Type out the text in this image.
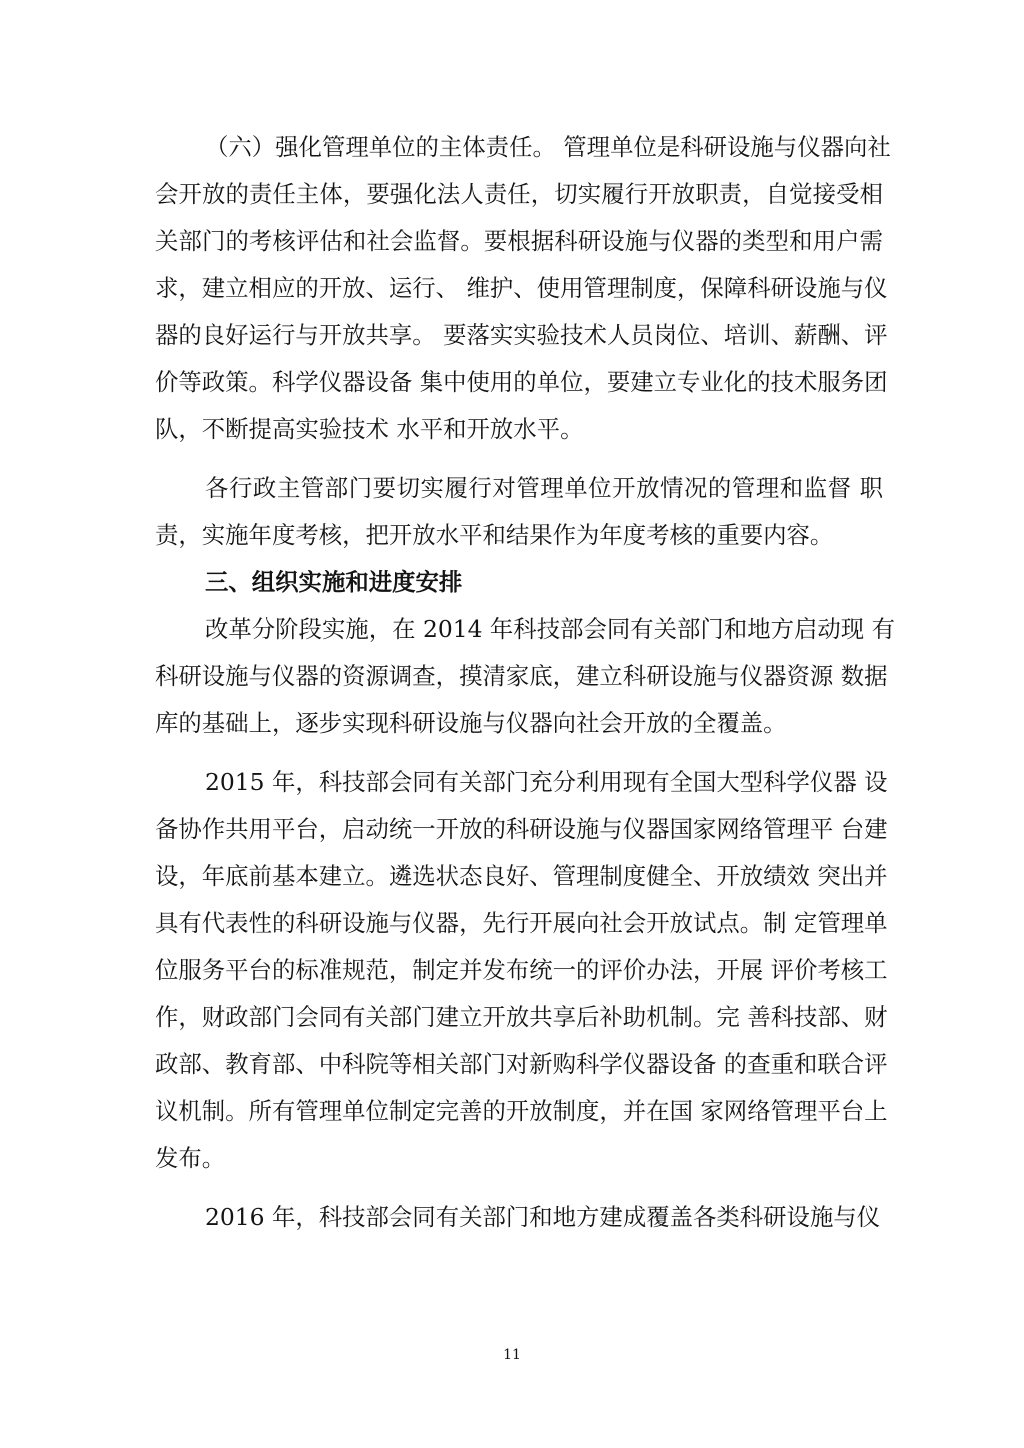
（六）强化管理单位的主体责任。 管理单位是科研设施与仪器向社
会开放的责任主体，要强化法人责任，切实履行开放职责，自觉接受相
关部门的考核评估和社会监督。要根据科研设施与仪器的类型和用户需
求，建立相应的开放、运行、 维护、使用管理制度，保障科研设施与仪
器的良好运行与开放共享。 要落实实验技术人员岗位、培训、薪酬、评
价等政策。科学仪器设备 集中使用的单位，要建立专业化的技术服务团
队，不断提高实验技术 水平和开放水平。
各行政主管部门要切实履行对管理单位开放情况的管理和监督 职
责，实施年度考核，把开放水平和结果作为年度考核的重要内容。
三、组织实施和进度安排
改革分阶段实施，在 2014 年科技部会同有关部门和地方启动现 有
科研设施与仪器的资源调查，摸清家底，建立科研设施与仪器资源 数据
库的基础上，逐步实现科研设施与仪器向社会开放的全覆盖。
2015 年，科技部会同有关部门充分利用现有全国大型科学仪器 设
备协作共用平台，启动统一开放的科研设施与仪器国家网络管理平 台建
设，年底前基本建立。遴选状态良好、管理制度健全、开放绩效 突出并
具有代表性的科研设施与仪器，先行开展向社会开放试点。制 定管理单
位服务平台的标准规范，制定并发布统一的评价办法，开展 评价考核工
作，财政部门会同有关部门建立开放共享后补助机制。完 善科技部、财
政部、教育部、中科院等相关部门对新购科学仪器设备 的查重和联合评
议机制。所有管理单位制定完善的开放制度，并在国 家网络管理平台上
发布。
2016 年，科技部会同有关部门和地方建成覆盖各类科研设施与仪
11
